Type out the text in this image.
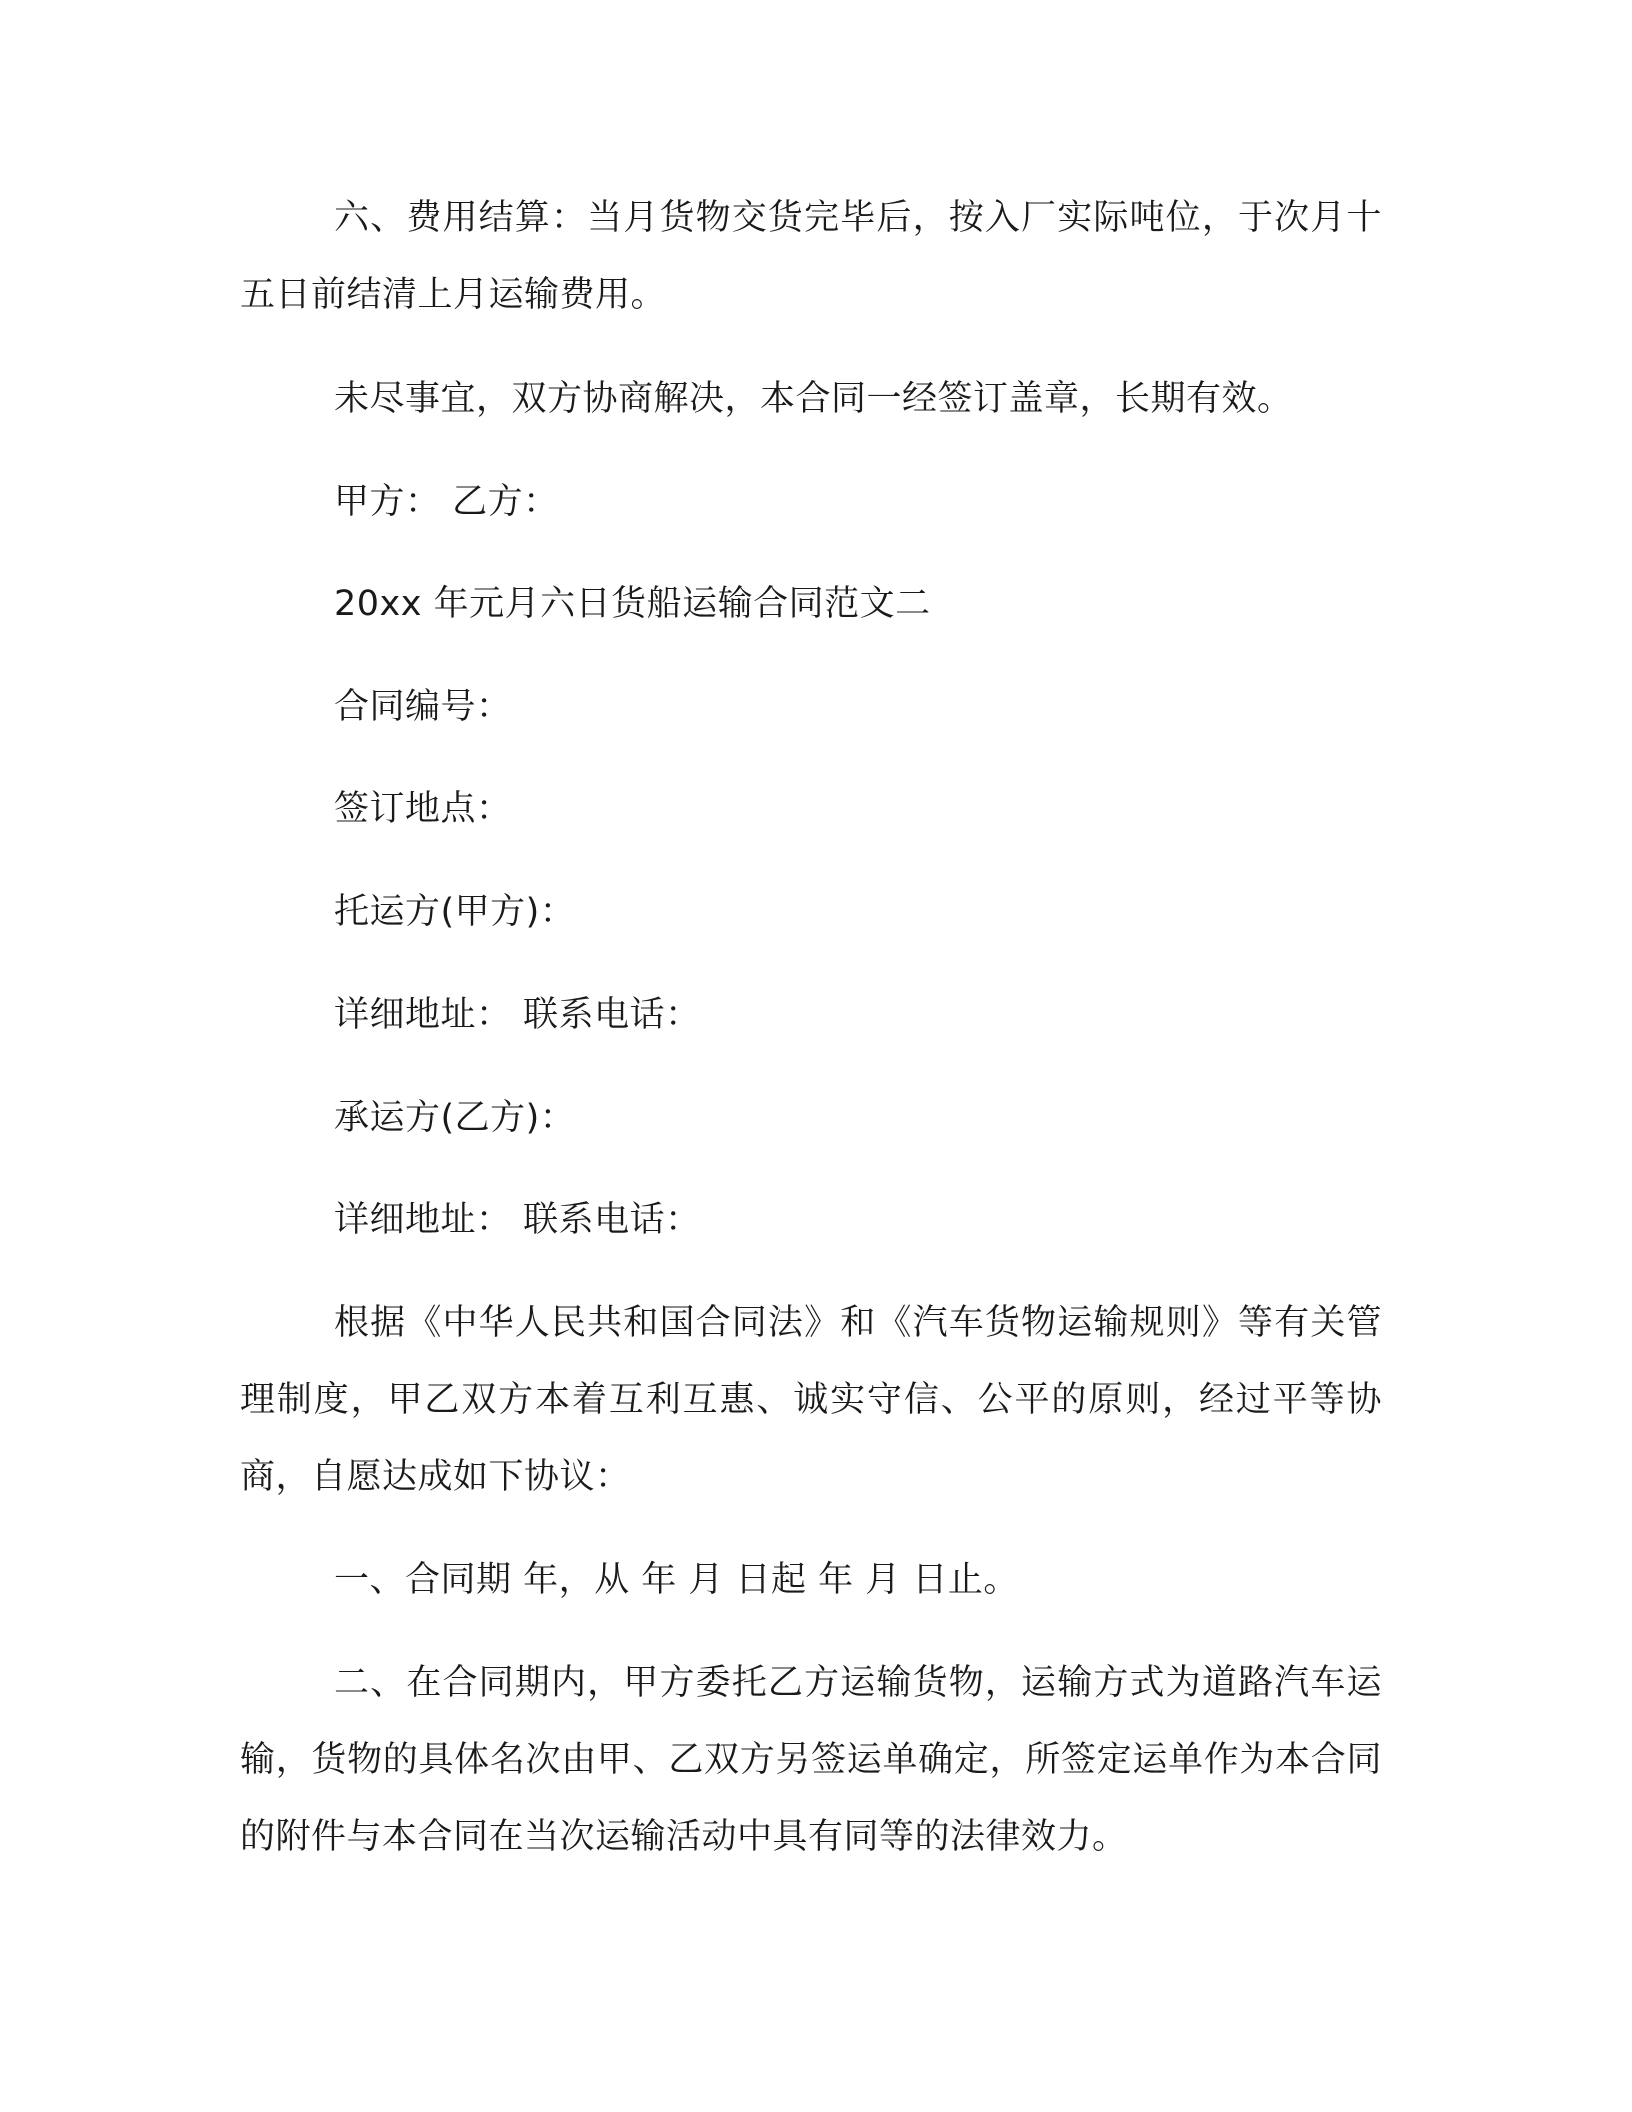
六、费用结算：当月货物交货完毕后，按入厂实际吨位，于次月十五日前结清上月运输费用。

未尽事宜，双方协商解决，本合同一经签订盖章，长期有效。

甲方： 乙方：

20xx 年元月六日货船运输合同范文二

合同编号：

签订地点：

托运方(甲方)：

详细地址： 联系电话：

承运方(乙方)：

详细地址： 联系电话：

根据《中华人民共和国合同法》和《汽车货物运输规则》等有关管理制度，甲乙双方本着互利互惠、诚实守信、公平的原则，经过平等协商，自愿达成如下协议：

一、合同期 年，从 年 月 日起 年 月 日止。

二、在合同期内，甲方委托乙方运输货物，运输方式为道路汽车运输，货物的具体名次由甲、乙双方另签运单确定，所签定运单作为本合同的附件与本合同在当次运输活动中具有同等的法律效力。
